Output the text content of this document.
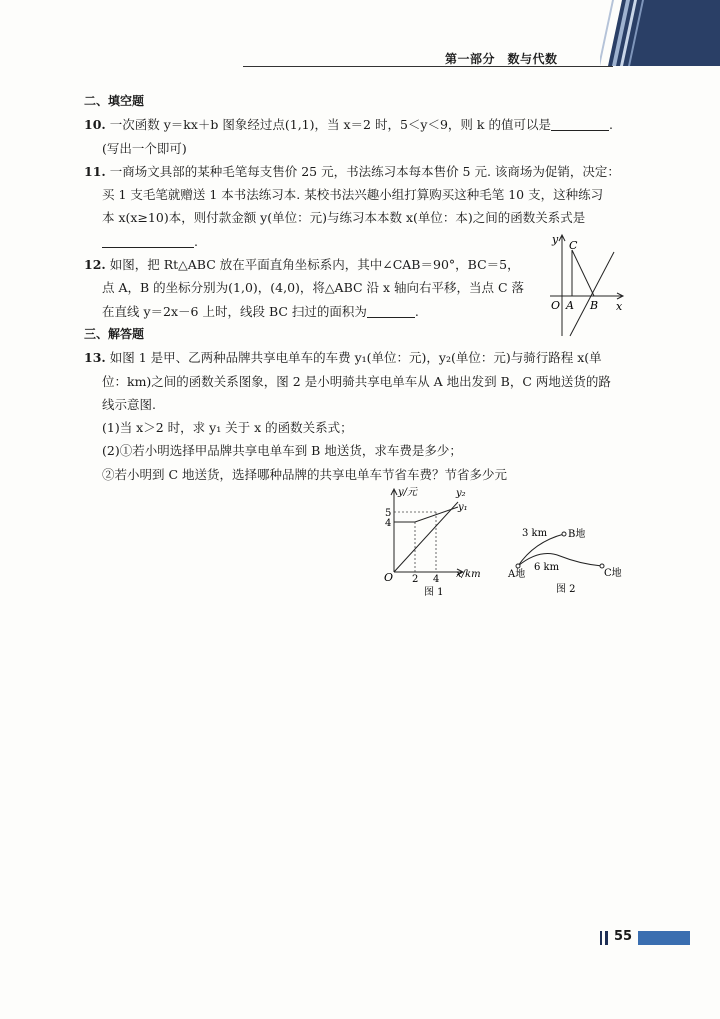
第一部分　数与代数

二、填空题

10. 一次函数 y＝kx＋b 图象经过点(1,1)，当 x＝2 时，5＜y＜9，则 k 的值可以是	.

(写出一个即可)

11. 一商场文具部的某种毛笔每支售价 25 元，书法练习本每本售价 5 元. 该商场为促销，决定：

买 1 支毛笔就赠送 1 本书法练习本. 某校书法兴趣小组打算购买这种毛笔 10 支，这种练习

本 x(x≥10)本，则付款金额 y(单位：元)与练习本本数 x(单位：本)之间的函数关系式是

.

12. 如图，把 Rt△ABC 放在平面直角坐标系内，其中∠CAB＝90°，BC＝5，

点 A，B 的坐标分别为(1,0)，(4,0)，将△ABC 沿 x 轴向右平移，当点 C 落

在直线 y＝2x－6 上时，线段 BC 扫过的面积为	.

三、解答题

13. 如图 1 是甲、乙两种品牌共享电单车的车费 y₁(单位：元)，y₂(单位：元)与骑行路程 x(单

位：km)之间的函数关系图象，图 2 是小明骑共享电单车从 A 地出发到 B，C 两地送货的路

线示意图.

(1)当 x＞2 时，求 y₁ 关于 x 的函数关系式；

(2)①若小明选择甲品牌共享电单车到 B 地送货，求车费是多少；

②若小明到 C 地送货，选择哪种品牌的共享电单车节省车费？节省多少元

y
x
C
O A B
y/元
x/km
O
5
4
2 4
y₂
y₁
图 1
3 km
6 km
A地
B地
C地
图 2
55
